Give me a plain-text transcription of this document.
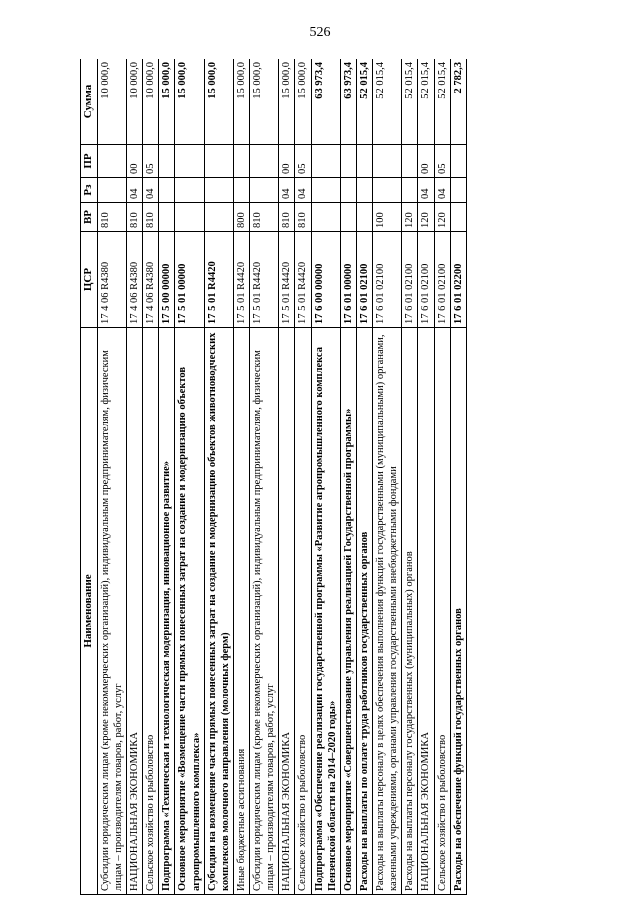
526
Наименование	ЦСР	ВР	Рз	ПР	Сумма
Субсидии юридическим лицам (кроме некоммерческих организаций), индивидуальным предпринимателям, физическим лицам – производителям товаров, работ, услуг	17 4 06 R4380	810			10 000,0
НАЦИОНАЛЬНАЯ ЭКОНОМИКА	17 4 06 R4380	810	04	00	10 000,0
Сельское хозяйство и рыболовство	17 4 06 R4380	810	04	05	10 000,0
Подпрограмма «Техническая и технологическая модернизация, инновационное развитие»	17 5 00 00000				15 000,0
Основное мероприятие «Возмещение части прямых понесенных затрат на создание и модернизацию объектов агропромышленного комплекса»	17 5 01 00000				15 000,0
Субсидии на возмещение части прямых понесенных затрат на создание и модернизацию объектов животноводческих комплексов молочного направления (молочных ферм)	17 5 01 R4420				15 000,0
Иные бюджетные ассигнования	17 5 01 R4420	800			15 000,0
Субсидии юридическим лицам (кроме некоммерческих организаций), индивидуальным предпринимателям, физическим лицам – производителям товаров, работ, услуг	17 5 01 R4420	810			15 000,0
НАЦИОНАЛЬНАЯ ЭКОНОМИКА	17 5 01 R4420	810	04	00	15 000,0
Сельское хозяйство и рыболовство	17 5 01 R4420	810	04	05	15 000,0
Подпрограмма «Обеспечение реализации государственной программы «Развитие агропромышленного комплекса Пензенской области на 2014–2020 годы»	17 6 00 00000				63 973,4
Основное мероприятие «Совершенствование управления реализацией Государственной программы»	17 6 01 00000				63 973,4
Расходы на выплаты по оплате труда работников государственных органов	17 6 01 02100				52 015,4
Расходы на выплаты персоналу в целях обеспечения выполнения функций государственными (муниципальными) органами, казенными учреждениями, органами управления государственными внебюджетными фондами	17 6 01 02100	100			52 015,4
Расходы на выплаты персоналу государственных (муниципальных) органов	17 6 01 02100	120			52 015,4
НАЦИОНАЛЬНАЯ ЭКОНОМИКА	17 6 01 02100	120	04	00	52 015,4
Сельское хозяйство и рыболовство	17 6 01 02100	120	04	05	52 015,4
Расходы на обеспечение функций государственных органов	17 6 01 02200				2 782,3
